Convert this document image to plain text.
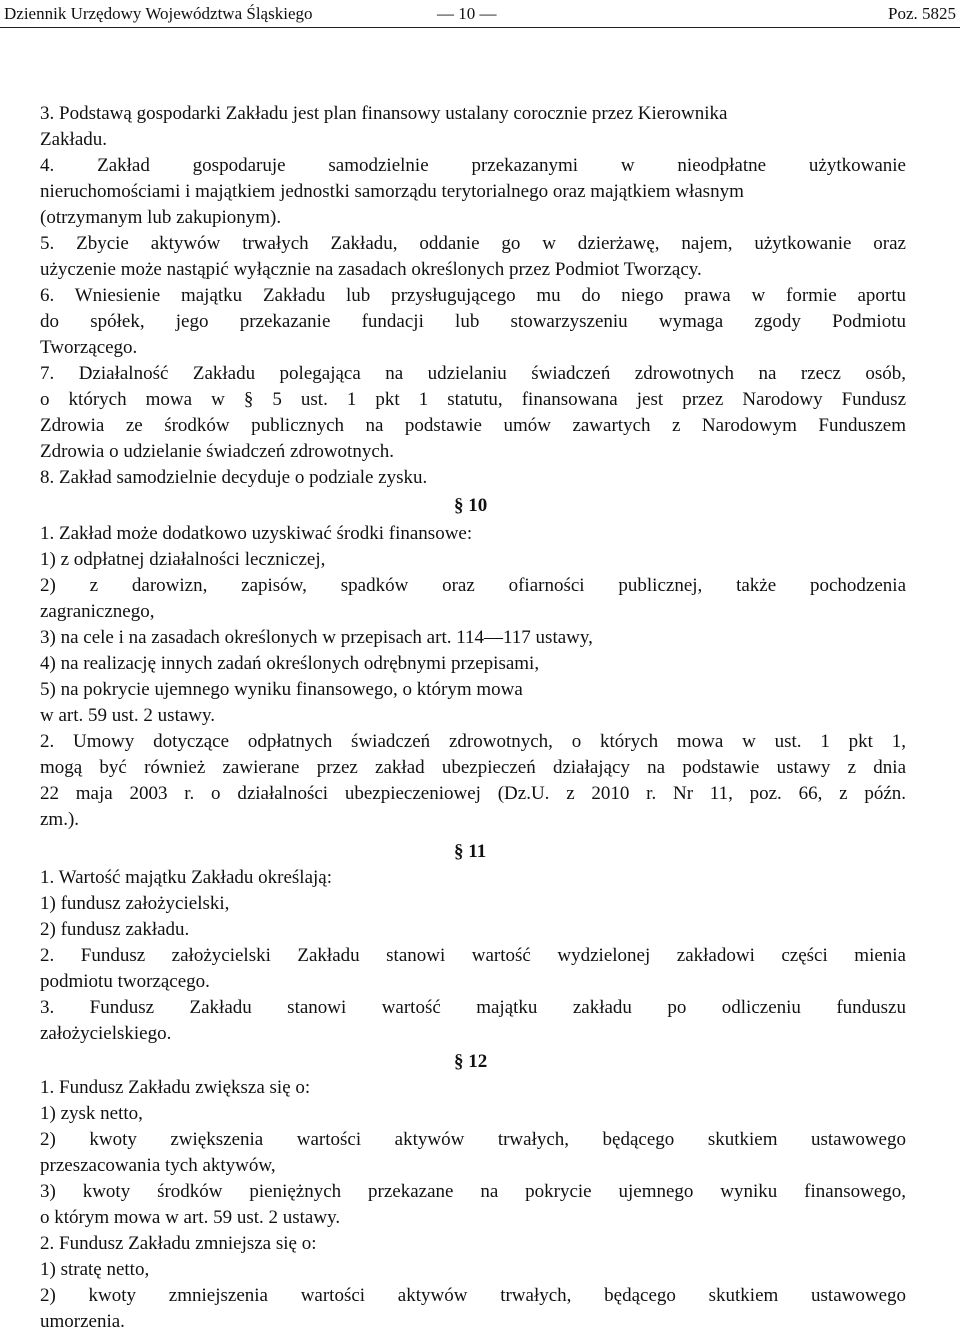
Dziennik Urzędowy Województwa Śląskiego	— 10 —	Poz. 5825
3. Podstawą gospodarki Zakładu jest plan finansowy ustalany corocznie przez Kierownika
Zakładu.
4. Zakład gospodaruje samodzielnie przekazanymi w nieodpłatne użytkowanie
nieruchomościami i majątkiem jednostki samorządu terytorialnego oraz majątkiem własnym
(otrzymanym lub zakupionym).
5. Zbycie aktywów trwałych Zakładu, oddanie go w dzierżawę, najem, użytkowanie oraz
użyczenie może nastąpić wyłącznie na zasadach określonych przez Podmiot Tworzący.
6. Wniesienie majątku Zakładu lub przysługującego mu do niego prawa w formie aportu
do spółek, jego przekazanie fundacji lub stowarzyszeniu wymaga zgody Podmiotu
Tworzącego.
7. Działalność Zakładu polegająca na udzielaniu świadczeń zdrowotnych na rzecz osób,
o których mowa w § 5 ust. 1 pkt 1 statutu, finansowana jest przez Narodowy Fundusz
Zdrowia ze środków publicznych na podstawie umów zawartych z Narodowym Funduszem
Zdrowia o udzielanie świadczeń zdrowotnych.
8. Zakład samodzielnie decyduje o podziale zysku.
§ 10
1. Zakład może dodatkowo uzyskiwać środki finansowe:
1) z odpłatnej działalności leczniczej,
2) z darowizn, zapisów, spadków oraz ofiarności publicznej, także pochodzenia
zagranicznego,
3) na cele i na zasadach określonych w przepisach art. 114—117 ustawy,
4) na realizację innych zadań określonych odrębnymi przepisami,
5) na pokrycie ujemnego wyniku finansowego, o którym mowa
w art. 59 ust. 2 ustawy.
2. Umowy dotyczące odpłatnych świadczeń zdrowotnych, o których mowa w ust. 1 pkt 1,
mogą być również zawierane przez zakład ubezpieczeń działający na podstawie ustawy z dnia
22 maja 2003 r. o działalności ubezpieczeniowej (Dz.U. z 2010 r. Nr 11, poz. 66, z późn.
zm.).
§ 11
1. Wartość majątku Zakładu określają:
1) fundusz założycielski,
2) fundusz zakładu.
2. Fundusz założycielski Zakładu stanowi wartość wydzielonej zakładowi części mienia
podmiotu tworzącego.
3. Fundusz Zakładu stanowi wartość majątku zakładu po odliczeniu funduszu
założycielskiego.
§ 12
1. Fundusz Zakładu zwiększa się o:
1) zysk netto,
2) kwoty zwiększenia wartości aktywów trwałych, będącego skutkiem ustawowego
przeszacowania tych aktywów,
3) kwoty środków pieniężnych przekazane na pokrycie ujemnego wyniku finansowego,
o którym mowa w art. 59 ust. 2 ustawy.
2. Fundusz Zakładu zmniejsza się o:
1) stratę netto,
2) kwoty zmniejszenia wartości aktywów trwałych, będącego skutkiem ustawowego
umorzenia.
